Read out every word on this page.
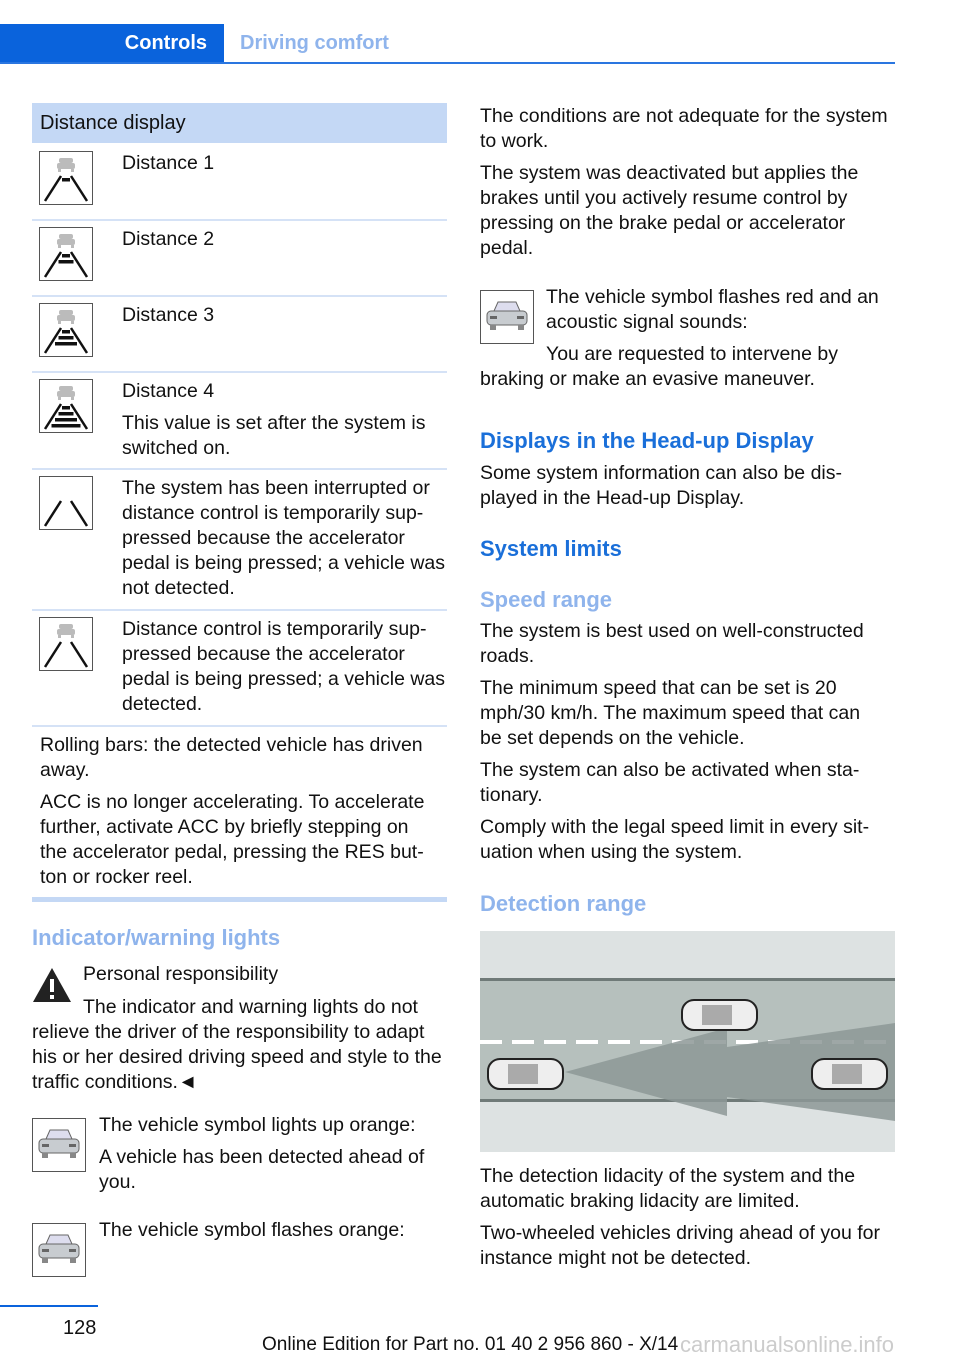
Controls	Driving comfort
Distance display

Distance 1

Distance 2

Distance 3

Distance 4

This value is set after the system is switched on.

The system has been interrupted or distance control is temporarily suppressed because the accelerator pedal is being pressed; a vehicle was not detected.

Distance control is temporarily suppressed because the accelerator pedal is being pressed; a vehicle was detected.

Rolling bars: the detected vehicle has driven away.

ACC is no longer accelerating. To accelerate further, activate ACC by briefly stepping on the accelerator pedal, pressing the RES button or rocker reel.

Indicator/warning lights
Personal responsibility
The indicator and warning lights do not relieve the driver of the responsibility to adapt his or her desired driving speed and style to the traffic conditions.◄

The vehicle symbol lights up orange:

A vehicle has been detected ahead of you.

The vehicle symbol flashes orange:

The conditions are not adequate for the system to work.

The system was deactivated but applies the brakes until you actively resume control by pressing on the brake pedal or accelerator pedal.

The vehicle symbol flashes red and an acoustic signal sounds:
You are requested to intervene by
braking or make an evasive maneuver.
Displays in the Head-up Display
Some system information can also be displayed in the Head-up Display.
System limits
Speed range

The system is best used on well-constructed roads.

The minimum speed that can be set is 20 mph/30 km/h. The maximum speed that can be set depends on the vehicle.

The system can also be activated when stationary.

Comply with the legal speed limit in every situation when using the system.

Detection range

The detection lidacity of the system and the automatic braking lidacity are limited.

Two-wheeled vehicles driving ahead of you for instance might not be detected.

128
Online Edition for Part no. 01 40 2 956 860 - X/14 carmanualsonline.info
